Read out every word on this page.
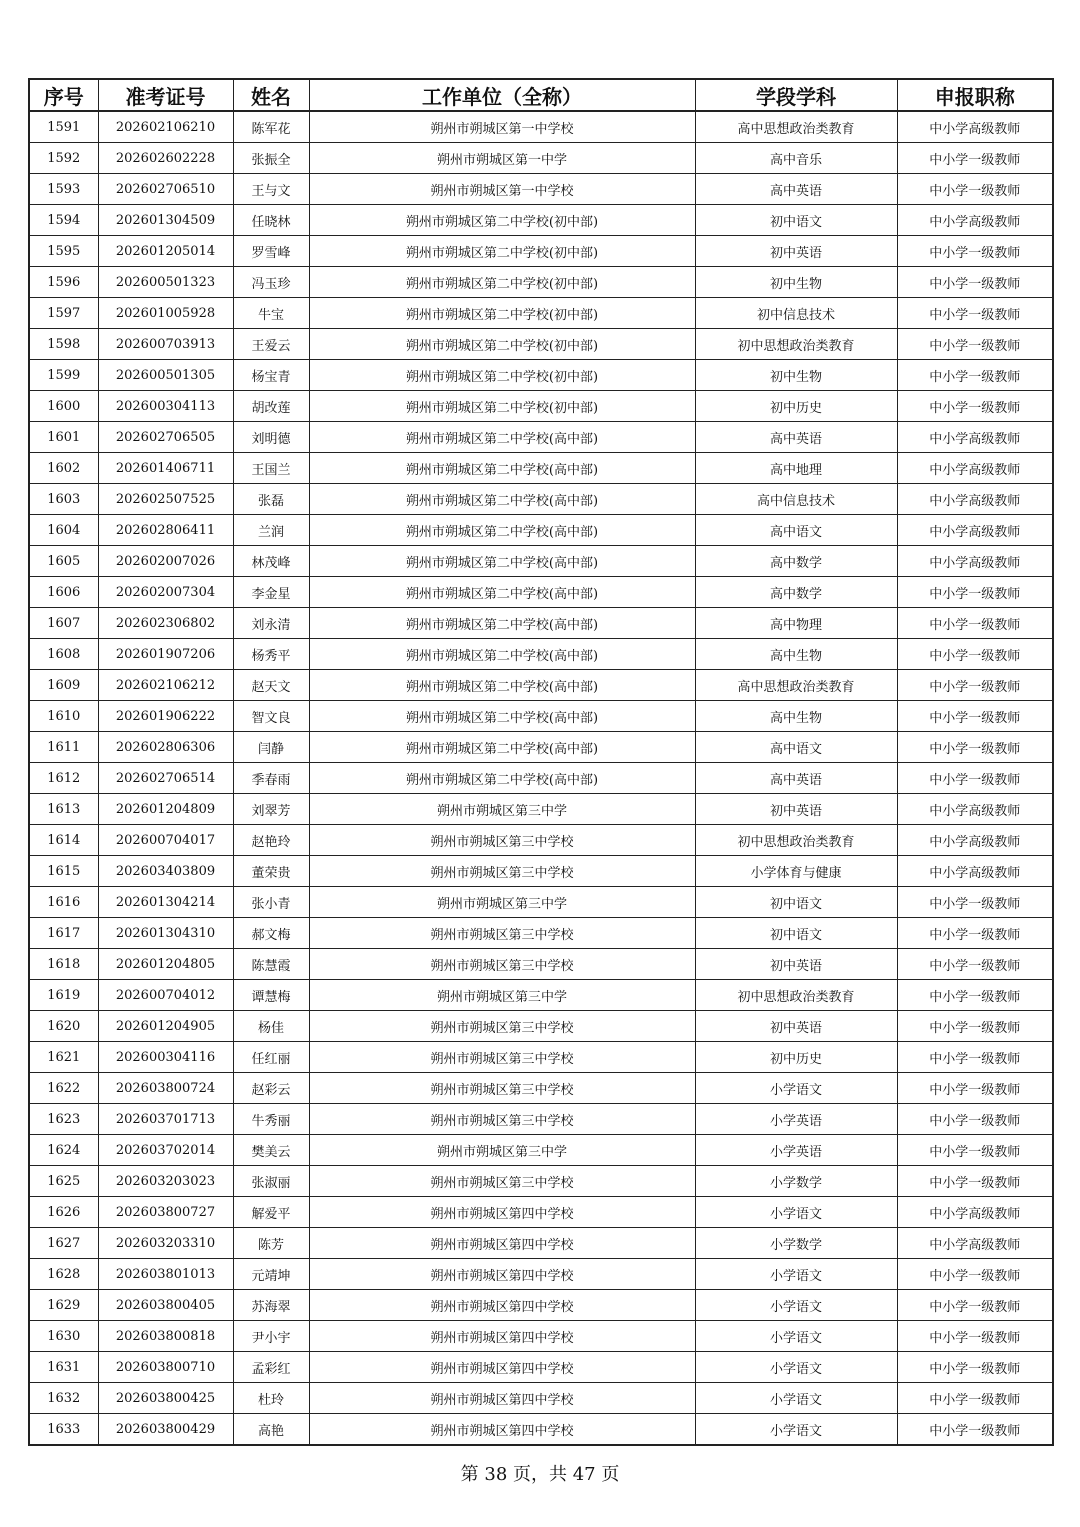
序号	准考证号	姓名	工作单位（全称）	学段学科	申报职称
1591	202602106210	陈军花	朔州市朔城区第一中学校	高中思想政治类教育	中小学高级教师
1592	202602602228	张振全	朔州市朔城区第一中学	高中音乐	中小学一级教师
1593	202602706510	王与文	朔州市朔城区第一中学校	高中英语	中小学一级教师
1594	202601304509	任晓林	朔州市朔城区第二中学校(初中部)	初中语文	中小学高级教师
1595	202601205014	罗雪峰	朔州市朔城区第二中学校(初中部)	初中英语	中小学一级教师
1596	202600501323	冯玉珍	朔州市朔城区第二中学校(初中部)	初中生物	中小学一级教师
1597	202601005928	牛宝	朔州市朔城区第二中学校(初中部)	初中信息技术	中小学一级教师
1598	202600703913	王爱云	朔州市朔城区第二中学校(初中部)	初中思想政治类教育	中小学一级教师
1599	202600501305	杨宝青	朔州市朔城区第二中学校(初中部)	初中生物	中小学一级教师
1600	202600304113	胡改莲	朔州市朔城区第二中学校(初中部)	初中历史	中小学一级教师
1601	202602706505	刘明德	朔州市朔城区第二中学校(高中部)	高中英语	中小学高级教师
1602	202601406711	王国兰	朔州市朔城区第二中学校(高中部)	高中地理	中小学高级教师
1603	202602507525	张磊	朔州市朔城区第二中学校(高中部)	高中信息技术	中小学高级教师
1604	202602806411	兰润	朔州市朔城区第二中学校(高中部)	高中语文	中小学高级教师
1605	202602007026	林茂峰	朔州市朔城区第二中学校(高中部)	高中数学	中小学高级教师
1606	202602007304	李金星	朔州市朔城区第二中学校(高中部)	高中数学	中小学一级教师
1607	202602306802	刘永清	朔州市朔城区第二中学校(高中部)	高中物理	中小学一级教师
1608	202601907206	杨秀平	朔州市朔城区第二中学校(高中部)	高中生物	中小学一级教师
1609	202602106212	赵天文	朔州市朔城区第二中学校(高中部)	高中思想政治类教育	中小学一级教师
1610	202601906222	智文良	朔州市朔城区第二中学校(高中部)	高中生物	中小学一级教师
1611	202602806306	闫静	朔州市朔城区第二中学校(高中部)	高中语文	中小学一级教师
1612	202602706514	季春雨	朔州市朔城区第二中学校(高中部)	高中英语	中小学一级教师
1613	202601204809	刘翠芳	朔州市朔城区第三中学	初中英语	中小学高级教师
1614	202600704017	赵艳玲	朔州市朔城区第三中学校	初中思想政治类教育	中小学高级教师
1615	202603403809	董荣贵	朔州市朔城区第三中学校	小学体育与健康	中小学高级教师
1616	202601304214	张小青	朔州市朔城区第三中学	初中语文	中小学一级教师
1617	202601304310	郝文梅	朔州市朔城区第三中学校	初中语文	中小学一级教师
1618	202601204805	陈慧霞	朔州市朔城区第三中学校	初中英语	中小学一级教师
1619	202600704012	谭慧梅	朔州市朔城区第三中学	初中思想政治类教育	中小学一级教师
1620	202601204905	杨佳	朔州市朔城区第三中学校	初中英语	中小学一级教师
1621	202600304116	任红丽	朔州市朔城区第三中学校	初中历史	中小学一级教师
1622	202603800724	赵彩云	朔州市朔城区第三中学校	小学语文	中小学一级教师
1623	202603701713	牛秀丽	朔州市朔城区第三中学校	小学英语	中小学一级教师
1624	202603702014	樊美云	朔州市朔城区第三中学	小学英语	中小学一级教师
1625	202603203023	张淑丽	朔州市朔城区第三中学校	小学数学	中小学一级教师
1626	202603800727	解爱平	朔州市朔城区第四中学校	小学语文	中小学高级教师
1627	202603203310	陈芳	朔州市朔城区第四中学校	小学数学	中小学高级教师
1628	202603801013	元靖坤	朔州市朔城区第四中学校	小学语文	中小学一级教师
1629	202603800405	苏海翠	朔州市朔城区第四中学校	小学语文	中小学一级教师
1630	202603800818	尹小宇	朔州市朔城区第四中学校	小学语文	中小学一级教师
1631	202603800710	孟彩红	朔州市朔城区第四中学校	小学语文	中小学一级教师
1632	202603800425	杜玲	朔州市朔城区第四中学校	小学语文	中小学一级教师
1633	202603800429	高艳	朔州市朔城区第四中学校	小学语文	中小学一级教师
第 38 页，共 47 页
